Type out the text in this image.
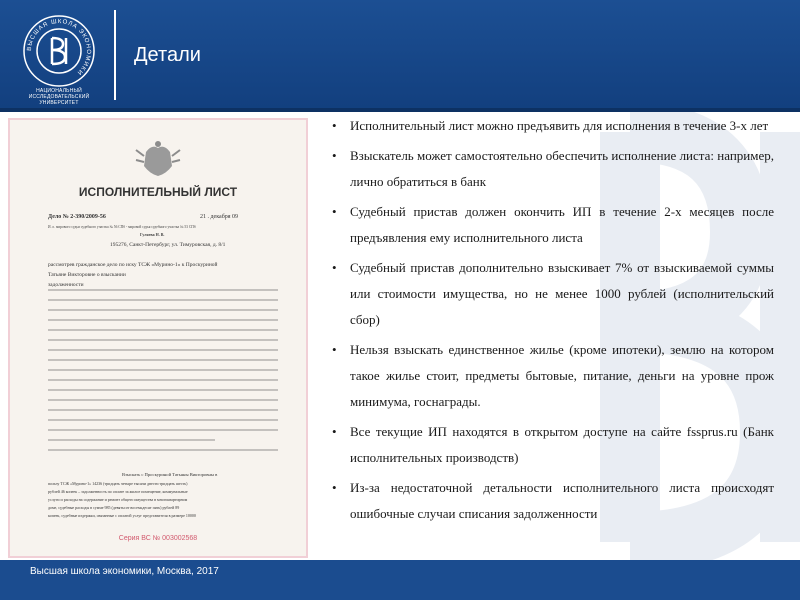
ВЫСШАЯ ШКОЛА ЭКОНОМИКИ
НАЦИОНАЛЬНЫЙ ИССЛЕДОВАТЕЛЬСКИЙ
УНИВЕРСИТЕТ
Детали
ИСПОЛНИТЕЛЬНЫЙ ЛИСТ
Дело № 2-390/2009-56	21 . декабря 09
И. о. мирового судьи судебного участка № 56 СПб - мировой судья судебного участка № 53 СПб
Гуляева Н. В.
195276, Санкт-Петербург, ул. Тимуровская, д. 8/1
рассмотрев гражданское дело по иску ТСЖ «Мурино-1» к Проскуриной
Татьяне Викторовне о взыскании
задолженности
Взыскать с Проскуриной Татьяны Викторовны в
пользу ТСЖ «Мурино-1» 14236 (тридцать четыре тысячи двести тридцать шесть)
рублей 46 копеек – задолженность по оплате за жилое помещение, коммунальные
услуги и расходы на содержание и ремонт общего имущества в многоквартирном
доме, судебные расходы в сумме 985 (девятьсот восемьдесят пять) рублей 89
копеек, судебные издержки, связанные с оплатой услуг представителя в размере 10000
Серия ВС № 003002568
• Исполнительный лист можно предъявить для исполнения в течение 3-х лет
• Взыскатель может самостоятельно обеспечить исполнение листа: например, лично обратиться в банк
• Судебный пристав должен окончить ИП в течение 2-х месяцев после предъявления ему исполнительного листа
• Судебный пристав дополнительно взыскивает 7% от взыскиваемой суммы или стоимости имущества, но не менее 1000 рублей (исполнительский сбор)
• Нельзя взыскать единственное жилье (кроме ипотеки), землю на котором такое жилье стоит, предметы бытовые, питание, деньги на уровне прож минимума, госнаграды.
• Все текущие ИП находятся в открытом доступе на сайте fssprus.ru (Банк исполнительных производств)
• Из-за недостаточной детальности исполнительного листа происходят ошибочные случаи списания задолженности
Высшая школа экономики, Москва, 2017
